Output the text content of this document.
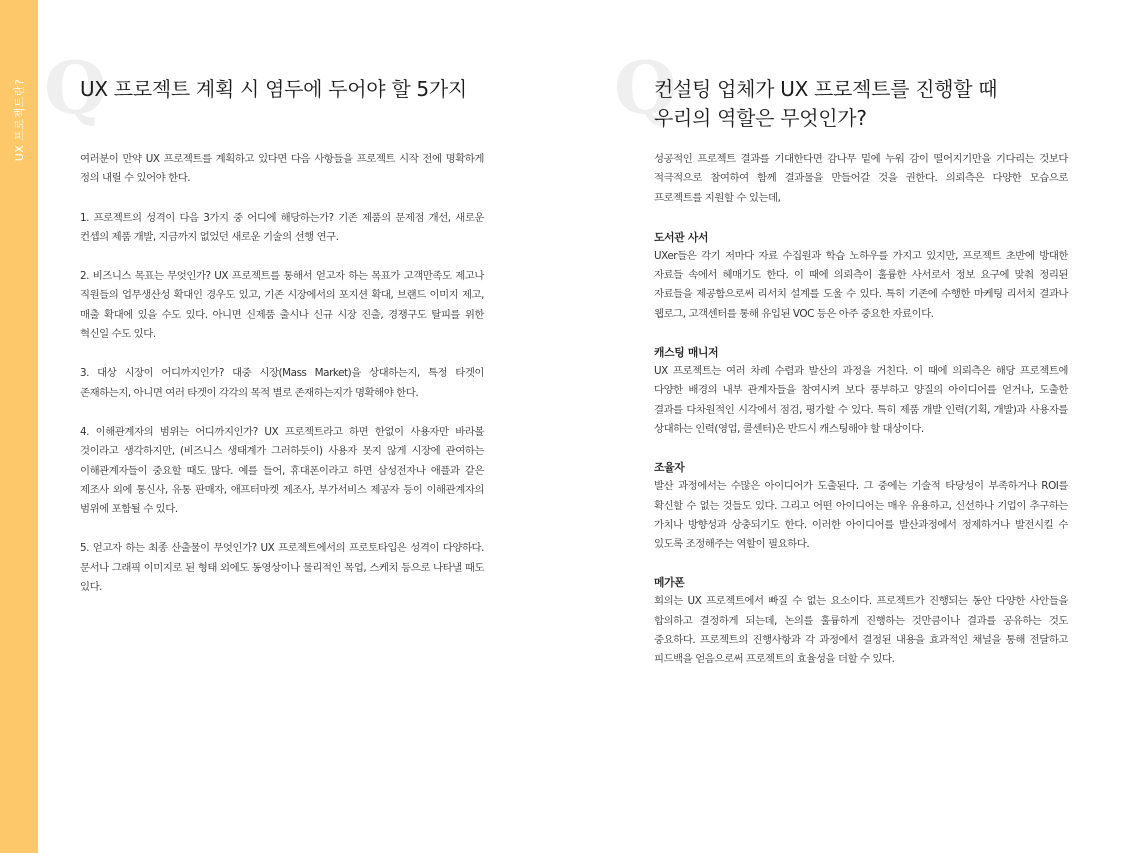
UX 프로젝트란? Q
UX 프로젝트 계획 시 염두에 두어야 할 5가지

여러분이 만약 UX 프로젝트를 계획하고 있다면 다음 사항들을 프로젝트 시작 전에 명확하게 정의 내릴 수 있어야 한다.

1. 프로젝트의 성격이 다음 3가지 중 어디에 해당하는가? 기존 제품의 문제점 개선, 새로운 컨셉의 제품 개발, 지금까지 없었던 새로운 기술의 선행 연구.

2. 비즈니스 목표는 무엇인가? UX 프로젝트를 통해서 얻고자 하는 목표가 고객만족도 제고나 직원들의 업무생산성 확대인 경우도 있고, 기존 시장에서의 포지션 확대, 브랜드 이미지 제고, 매출 확대에 있을 수도 있다. 아니면 신제품 출시나 신규 시장 진출, 경쟁구도 탈피를 위한 혁신일 수도 있다.

3. 대상 시장이 어디까지인가? 대중 시장(Mass Market)을 상대하는지, 특정 타겟이 존재하는지, 아니면 여러 타겟이 각각의 목적 별로 존재하는지가 명확해야 한다.

4. 이해관계자의 범위는 어디까지인가? UX 프로젝트라고 하면 한없이 사용자만 바라볼 것이라고 생각하지만, (비즈니스 생태계가 그러하듯이) 사용자 못지 않게 시장에 관여하는 이해관계자들이 중요할 때도 많다. 예를 들어, 휴대폰이라고 하면 삼성전자나 애플과 같은 제조사 외에 통신사, 유통 판매자, 애프터마켓 제조사, 부가서비스 제공자 등이 이해관계자의 범위에 포함될 수 있다.

5. 얻고자 하는 최종 산출물이 무엇인가? UX 프로젝트에서의 프로토타입은 성격이 다양하다. 문서나 그래픽 이미지로 된 형태 외에도 동영상이나 물리적인 목업, 스케치 등으로 나타낼 때도 있다.

Q
컨설팅 업체가 UX 프로젝트를 진행할 때
우리의 역할은 무엇인가?

성공적인 프로젝트 결과를 기대한다면 감나무 밑에 누워 감이 떨어지기만을 기다리는 것보다 적극적으로 참여하여 함께 결과물을 만들어갈 것을 권한다. 의뢰측은 다양한 모습으로 프로젝트를 지원할 수 있는데,

도서관 사서

UXer들은 각기 저마다 자료 수집원과 학습 노하우를 가지고 있지만, 프로젝트 초반에 방대한 자료들 속에서 헤매기도 한다. 이 때에 의뢰측이 훌륭한 사서로서 정보 요구에 맞춰 정리된 자료들을 제공함으로써 리서치 설계를 도울 수 있다. 특히 기존에 수행한 마케팅 리서치 결과나 웹로그, 고객센터를 통해 유입된 VOC 등은 아주 중요한 자료이다.

캐스팅 매니저

UX 프로젝트는 여러 차례 수렴과 발산의 과정을 거친다. 이 때에 의뢰측은 해당 프로젝트에 다양한 배경의 내부 관계자들을 참여시켜 보다 풍부하고 양질의 아이디어를 얻거나, 도출한 결과를 다차원적인 시각에서 점검, 평가할 수 있다. 특히 제품 개발 인력(기획, 개발)과 사용자를 상대하는 인력(영업, 콜센터)은 반드시 캐스팅해야 할 대상이다.

조율자

발산 과정에서는 수많은 아이디어가 도출된다. 그 중에는 기술적 타당성이 부족하거나 ROI를 확신할 수 없는 것들도 있다. 그리고 어떤 아이디어는 매우 유용하고, 신선하나 기업이 추구하는 가치나 방향성과 상충되기도 한다. 이러한 아이디어를 발산과정에서 정제하거나 발전시킬 수 있도록 조정해주는 역할이 필요하다.

메가폰

회의는 UX 프로젝트에서 빠질 수 없는 요소이다. 프로젝트가 진행되는 동안 다양한 사안들을 합의하고 결정하게 되는데, 논의를 훌륭하게 진행하는 것만큼이나 결과를 공유하는 것도 중요하다. 프로젝트의 진행사항과 각 과정에서 결정된 내용을 효과적인 채널을 통해 전달하고 피드백을 얻음으로써 프로젝트의 효율성을 더할 수 있다.
